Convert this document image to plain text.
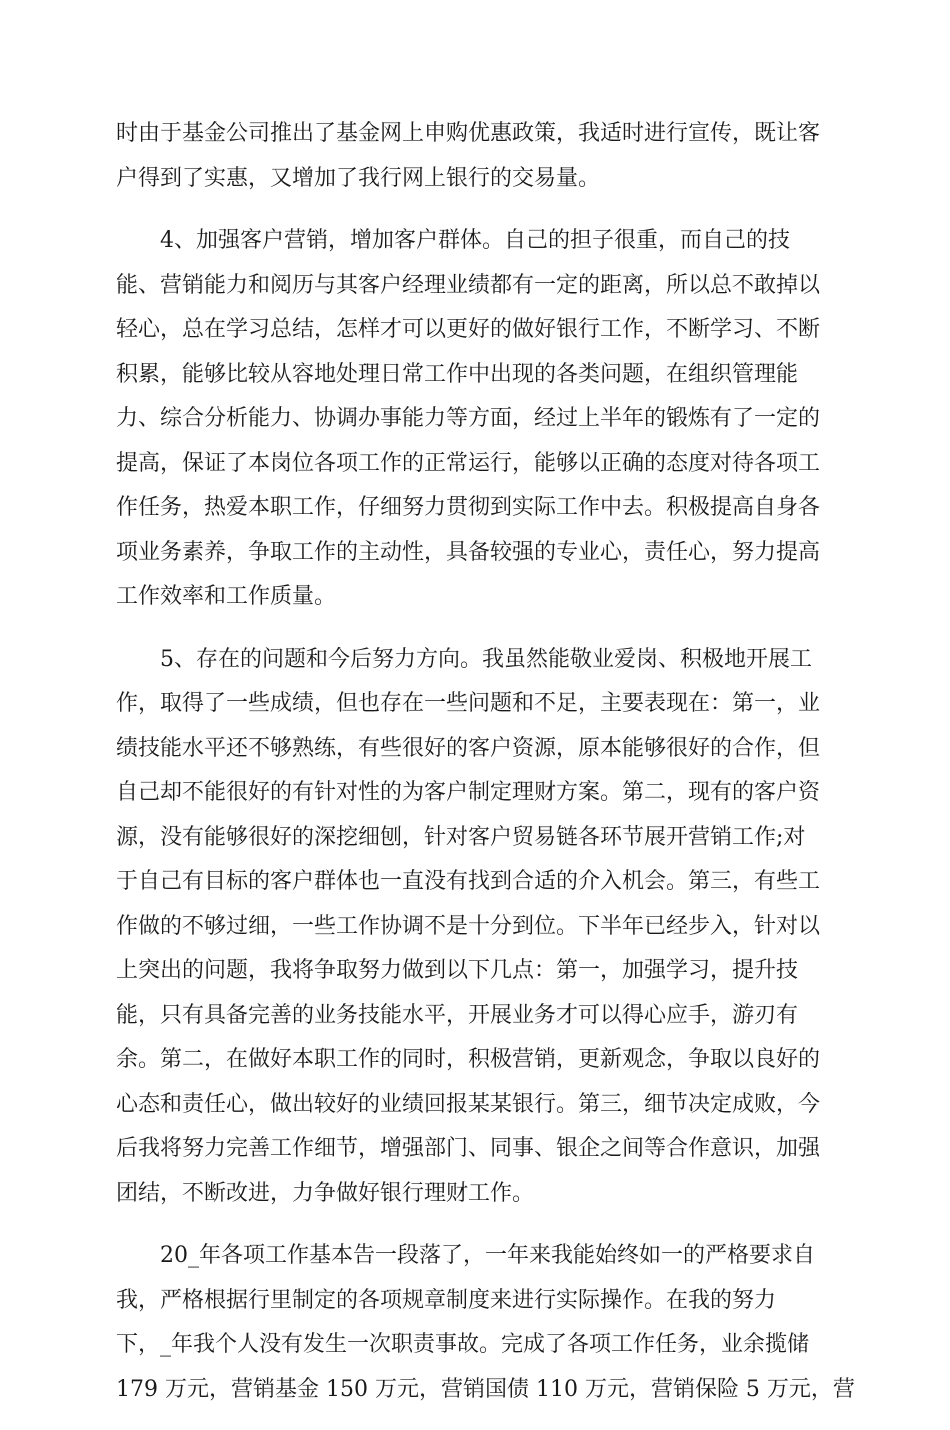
时由于基金公司推出了基金网上申购优惠政策，我适时进行宣传，既让客
户得到了实惠，又增加了我行网上银行的交易量。

4、加强客户营销，增加客户群体。自己的担子很重，而自己的技
能、营销能力和阅历与其客户经理业绩都有一定的距离，所以总不敢掉以
轻心，总在学习总结，怎样才可以更好的做好银行工作，不断学习、不断
积累，能够比较从容地处理日常工作中出现的各类问题，在组织管理能
力、综合分析能力、协调办事能力等方面，经过上半年的锻炼有了一定的
提高，保证了本岗位各项工作的正常运行，能够以正确的态度对待各项工
作任务，热爱本职工作，仔细努力贯彻到实际工作中去。积极提高自身各
项业务素养，争取工作的主动性，具备较强的专业心，责任心，努力提高
工作效率和工作质量。

5、存在的问题和今后努力方向。我虽然能敬业爱岗、积极地开展工
作，取得了一些成绩，但也存在一些问题和不足，主要表现在：第一，业
绩技能水平还不够熟练，有些很好的客户资源，原本能够很好的合作，但
自己却不能很好的有针对性的为客户制定理财方案。第二，现有的客户资
源，没有能够很好的深挖细刨，针对客户贸易链各环节展开营销工作;对
于自己有目标的客户群体也一直没有找到合适的介入机会。第三，有些工
作做的不够过细，一些工作协调不是十分到位。下半年已经步入，针对以
上突出的问题，我将争取努力做到以下几点：第一，加强学习，提升技
能，只有具备完善的业务技能水平，开展业务才可以得心应手，游刃有
余。第二，在做好本职工作的同时，积极营销，更新观念，争取以良好的
心态和责任心，做出较好的业绩回报某某银行。第三，细节决定成败，今
后我将努力完善工作细节，增强部门、同事、银企之间等合作意识，加强
团结，不断改进，力争做好银行理财工作。

20_年各项工作基本告一段落了，一年来我能始终如一的严格要求自
我，严格根据行里制定的各项规章制度来进行实际操作。在我的努力
下，_年我个人没有发生一次职责事故。完成了各项工作任务，业余揽储
179 万元，营销基金 150 万元，营销国债 110 万元，营销保险 5 万元，营
